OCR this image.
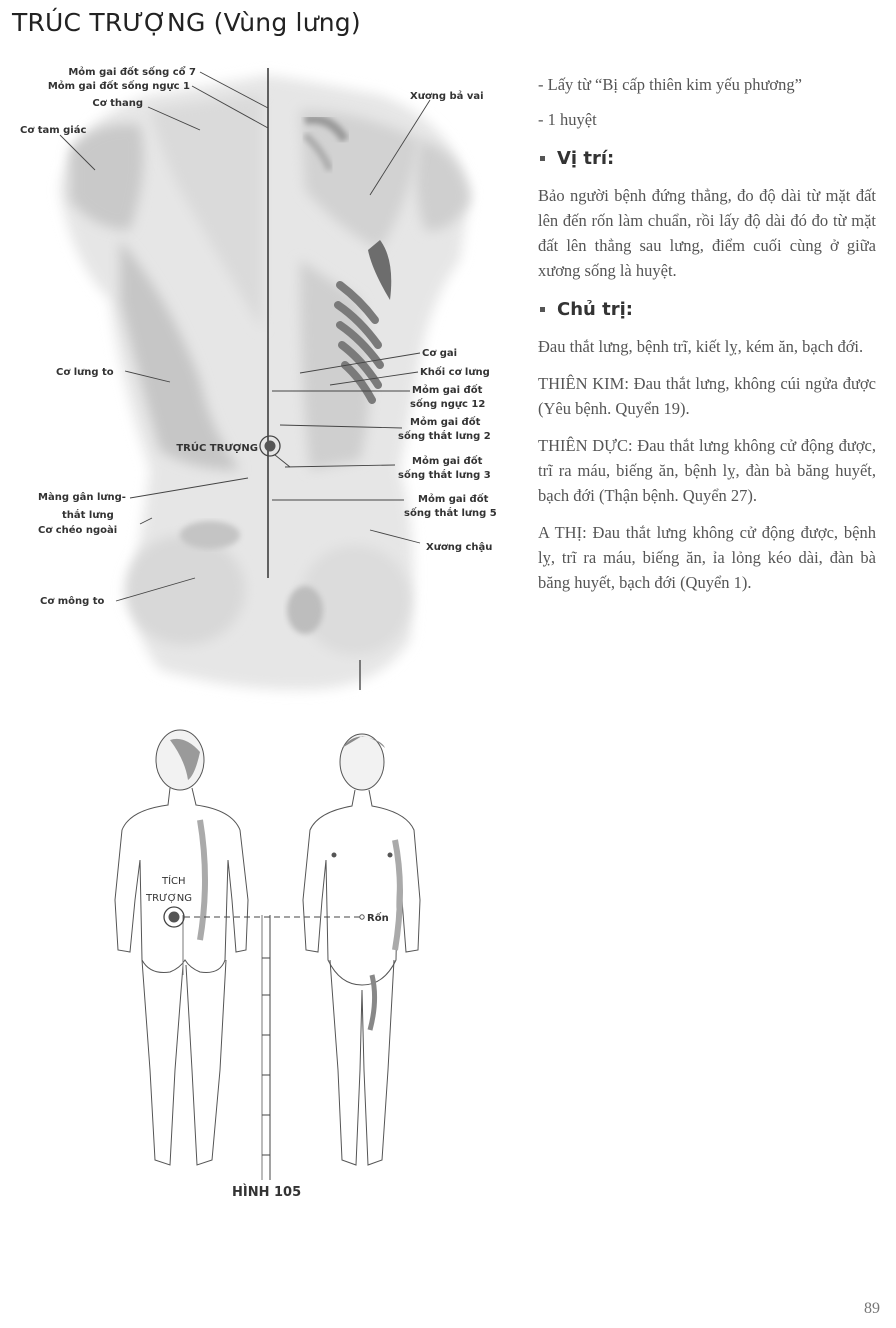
TRÚC TRƯỢNG (Vùng lưng)
Mỏm gai đốt sống cổ 7
Mỏm gai đốt sống ngực 1
Cơ thang
Cơ tam giác
Xương bả vai
Cơ gai
Khối cơ lưng
Mỏm gai đốt
sống ngực 12
Cơ lưng to
TRÚC TRƯỢNG
Mỏm gai đốt
sống thắt lưng 2
Mỏm gai đốt
sống thắt lưng 3
Màng gân lưng-
thắt lưng
Cơ chéo ngoài
Mỏm gai đốt
sống thắt lưng 5
Xương chậu
Cơ mông to
TÍCH
TRƯỢNG
Rốn
HÌNH 105

- Lấy từ “Bị cấp thiên kim yếu phương”

- 1 huyệt

Vị trí:

Bảo người bệnh đứng thẳng, đo độ dài từ mặt đất lên đến rốn làm chuẩn, rồi lấy độ dài đó đo từ mặt đất lên thẳng sau lưng, điểm cuối cùng ở giữa xương sống là huyệt.

Chủ trị:

Đau thắt lưng, bệnh trĩ, kiết lỵ, kém ăn, bạch đới.

THIÊN KIM: Đau thắt lưng, không cúi ngửa được (Yêu bệnh. Quyển 19).

THIÊN DỰC: Đau thắt lưng không cử động được, trĩ ra máu, biếng ăn, bệnh lỵ, đàn bà băng huyết, bạch đới (Thận bệnh. Quyển 27).

A THỊ: Đau thắt lưng không cử động được, bệnh lỵ, trĩ ra máu, biếng ăn, ỉa lỏng kéo dài, đàn bà băng huyết, bạch đới (Quyển 1).

89
